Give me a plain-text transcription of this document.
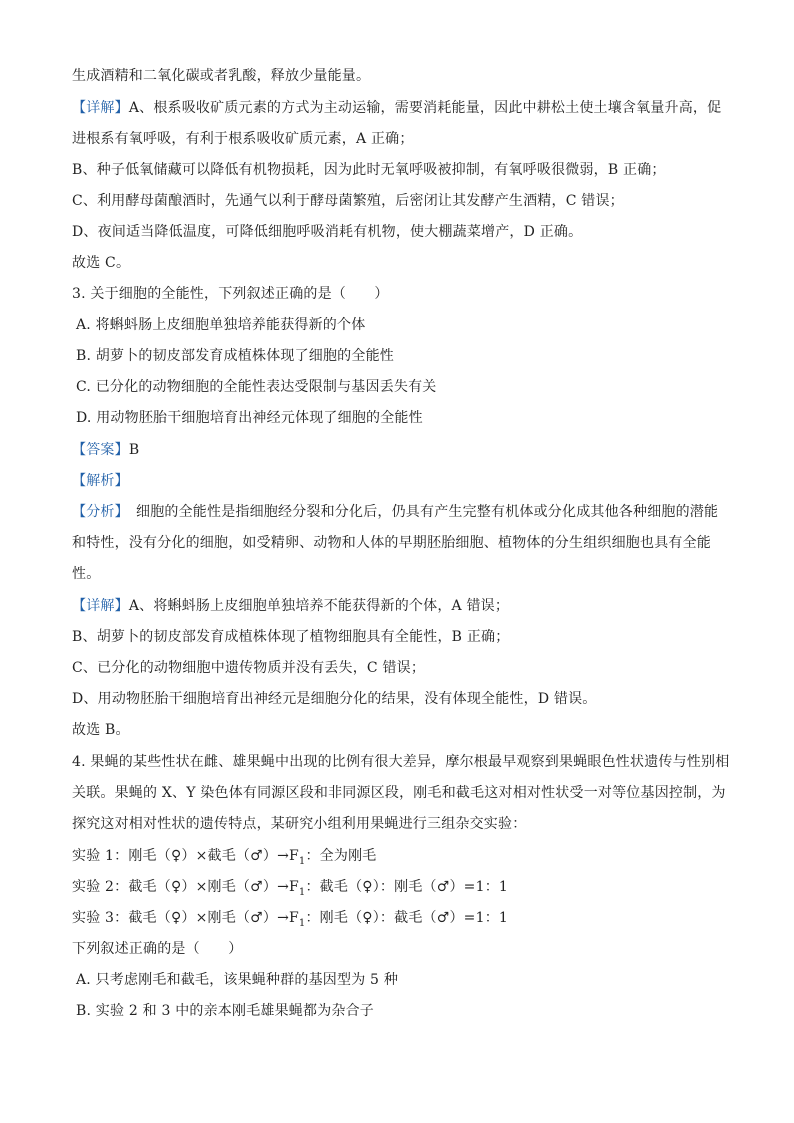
生成酒精和二氧化碳或者乳酸，释放少量能量。
【详解】A、根系吸收矿质元素的方式为主动运输，需要消耗能量，因此中耕松土使土壤含氧量升高，促
进根系有氧呼吸，有利于根系吸收矿质元素，A 正确；
B、种子低氧储藏可以降低有机物损耗，因为此时无氧呼吸被抑制，有氧呼吸很微弱，B 正确；
C、利用酵母菌酿酒时，先通气以利于酵母菌繁殖，后密闭让其发酵产生酒精，C 错误；
D、夜间适当降低温度，可降低细胞呼吸消耗有机物，使大棚蔬菜增产，D 正确。
故选 C。
3. 关于细胞的全能性，下列叙述正确的是（　　）
A. 将蝌蚪肠上皮细胞单独培养能获得新的个体
B. 胡萝卜的韧皮部发育成植株体现了细胞的全能性
C. 已分化的动物细胞的全能性表达受限制与基因丢失有关
D. 用动物胚胎干细胞培育出神经元体现了细胞的全能性
【答案】B
【解析】
【分析】　细胞的全能性是指细胞经分裂和分化后，仍具有产生完整有机体或分化成其他各种细胞的潜能
和特性，没有分化的细胞，如受精卵、动物和人体的早期胚胎细胞、植物体的分生组织细胞也具有全能
性。
【详解】A、将蝌蚪肠上皮细胞单独培养不能获得新的个体，A 错误；
B、胡萝卜的韧皮部发育成植株体现了植物细胞具有全能性，B 正确；
C、已分化的动物细胞中遗传物质并没有丢失，C 错误；
D、用动物胚胎干细胞培育出神经元是细胞分化的结果，没有体现全能性，D 错误。
故选 B。
4. 果蝇的某些性状在雌、雄果蝇中出现的比例有很大差异，摩尔根最早观察到果蝇眼色性状遗传与性别相
关联。果蝇的 X、Y 染色体有同源区段和非同源区段，刚毛和截毛这对相对性状受一对等位基因控制，为
探究这对相对性状的遗传特点，某研究小组利用果蝇进行三组杂交实验：
实验 1：刚毛（♀）×截毛$(♂)\to F_1$：全为刚毛
实验 2：截毛（♀）×刚毛$(♂)\to F_1$：截毛（♀）：刚毛（♂）=1：1
实验 3：截毛（♀）×刚毛$(♂)\to F_1$：刚毛（♀）：截毛（♂）=1：1
下列叙述正确的是（　　）
A. 只考虑刚毛和截毛，该果蝇种群的基因型为 5 种
B. 实验 2 和 3 中的亲本刚毛雄果蝇都为杂合子
